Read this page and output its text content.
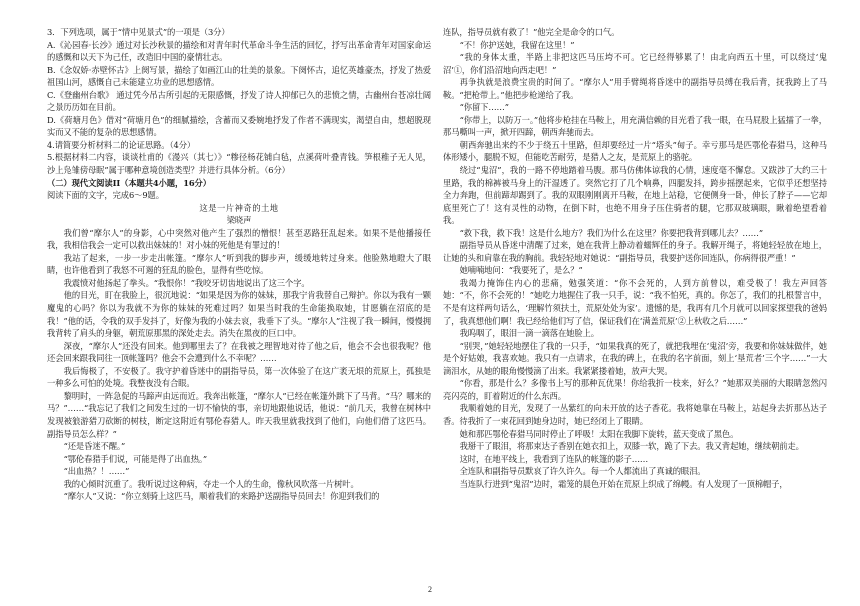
3．下列选项，属于“情中见景式”的一项是（3分）

A.《沁园春·长沙》通过对长沙秋景的描绘和对青年时代革命斗争生活的回忆，抒写出革命青年对国家命运的感慨和以天下为己任，改造旧中国的豪情壮志。

B.《念奴娇·赤壁怀古》上阕写景，描绘了如画江山的壮美的景象。下阕怀古，追忆英雄豪杰，抒发了热爱祖国山河，感慨自己未能建立功业的思想感情。

C.《登幽州台歌》 通过凭今吊古所引起的无限感慨，抒发了诗人抑郁已久的悲愤之情，古幽州台苍凉壮阔之景历历如在目前。

D.《荷塘月色》借对“荷塘月色”的细腻描绘，含蓄而又委婉地抒发了作者不满现实，渴望自由，想超脱现实而又不能的复杂的思想感情。

4.请简要分析材料二的论证思路。（4分）

5.根据材料二内容，谈谈杜甫的《漫兴（其七）》“糁径杨花铺白毡，点溪荷叶叠青钱。笋根稚子无人见，沙上凫雏傍母眠”属于哪种意境创造类型？并进行具体分析。（6分）

（二）现代文阅读II（本题共4小题，16分）

阅读下面的文字，完成6～9题。

这是一片神奇的土地

梁晓声

我们曾“摩尔人”的身影，心中突然对他产生了强烈的憎恨！甚至恶路狂乱起来。如果不是他播接任我，我相信我会一定可以救出妹妹的！对小妹的死他是有罪过的！

我站了起来，一步一步走出帐篷。“摩尔人”听到我的脚步声，缓缓地转过身来。他脸熟地瞪大了眼睛，也许他看到了我怒不可遏的狂乱的脸色，显得有些吃惊。

我震愤对他扬起了拳头。“我恨你！”我咬牙切齿地说出了这三个字。

他的目光，盯在我脸上，很沉地说：“如果是因为你的妹妹，那我宁肯我替自己辩护。你以为我有一颗魔鬼的心吗？你以为我就不为你的妹妹的死难过吗？如果当时我的生命能换取她，甘愿躺在沼底的是我！”他的话，令我的双手发抖了，好像为我的小妹去哀，我垂下了头。“摩尔人”注视了我一瞬间，慢慢拥我背转了肩头的身躯，朝荒原那黑的深处走去。消失在黑夜的巨口中。

深夜，“摩尔人”还没有回来。他到哪里去了？在我被之理智地对待了他之后，他会不会也很我呢？他还会回来跟我同往一顶帐篷吗？他会不会遭到什么不幸呢？……

我后悔极了，不安极了。我守护着昏迷中的副指导员，第一次体验了在这广袤无垠的荒原上，孤独是一种多么可怕的处境。我整夜没有合眼。

黎明时，一阵急促的马蹄声由远而近。我奔出帐篷，“摩尔人”已经在帐篷外跳下了马背。“马？哪来的马？”……“我忘记了我们之间发生过的一切不愉快的事，亲切地跟他说话，他说：“前几天，我曾在树林中发现被狼游猎刀砍断的树枝，断定这附近有鄂伦春猎人。昨天我里就我找到了他们，向他们借了这匹马。副指导员怎么样？”

“还是昏迷不醒。”

“鄂伦春猎手们说，可能是得了出血热。”

“出血热？！……”

我的心倾时沉重了。我听说过这种病，夺走一个人的生命，像秋风吹落一片树叶。

“摩尔人”又说：“你立刻骑上这匹马，顺着我们的来路护送副指导员回去！你迎到我们的

连队，指导员就有救了！”他完全是命令的口气。

“不！你护送她，我留在这里！”

“我的身体太重，半路上非把这匹马压垮不可。它已经得够累了！由北向西五十里，可以绕过‘鬼沼’①，你们沿沼地向西走吧！”

再争执就是浪费宝贵的时间了。“摩尔人”用手臂绳将昏迷中的副指导员缚在我后背，抚我跨上了马鞍。“把枪带上。”他把步枪递给了我。

“你留下……”

“你带上，以防万一。”他将步枪挂在马鞍上，用充满信赖的目光看了我一眼，在马屁股上猛擂了一拳，那马嘶叫一声，掀开四蹄，朝西奔驰而去。

朝西奔驰出来约不少于绕五十里路，但却要经过一片“塔头”甸子。幸亏那马是匹鄂伦春猎马，这种马体形矮小，腿脱不短，但能吃苦耐劳，是猎人之友，是荒原上的骆驼。

绕过“鬼沼”，我的一路不停地踏着马腹。那马仿佛体谅我的心情，速度毫不懈怠。又跋涉了大约三十里路，我的棉裤被马身上的汗湿透了。突然它打了几个响鼻，四腿发抖，跨步摇摆起来，它似乎还想坚持全力奔跑，但前蹄却踢到了。我的双眼刚刚离开马鞍，在地上站稳，它便侧身一卧，伸长了脖子——它却底里死亡了！这有灵性的动物，在倒下时，也绝不用身子压住骑者的腿，它那双玻璃眼，瞅着绝望看着我。

“救下我，救下我！这是什么地方？我们为什么在这里？你要把我背到哪儿去？……”

副指导员从昏迷中清醒了过来，她在我背上静动着蠕辉任的身子。我解开绳子，将她轻轻放在地上，让她的头和肩靠在我的胸前。我轻轻地对她说：“副指导员，我要护送你回连队，你病得很严重！”

她喃喃地问：“我要死了，是么？”

我竭力掩饰住内心的悲痛，勉强笑道：“你不会死的，人到方前曾以，难受极了！我左声回答她：“不，你不会死的！”她吃力地握住了我一只手，说：“我不怕死，真的。你怎了，我们的扎根誓言中，不是有这样两句话么，‘理解竹须扶土，荒原处处为家’。遗憾的是，我再有几个月就可以回家探望我的爸妈了，我真想他们啊！我已经给他们写了信，保证我们在‘满盖荒原’②上秋收之后……”

我呜咽了，眼泪一滴一滴落在她脸上。

“别哭，”她轻轻地摆住了我的一只手，“如果我真的死了，就把我埋在‘鬼沼’旁，我要和你妹妹做伴，她是个好姑娘，我喜欢她。我只有一点请求，在我的碑上，在我的名字前面，刻上‘垦荒者’三个字……”一大滴泪水，从她的眼角慢慢滴了出来。我紧紧搂着她，放声大哭。

“你看，那是什么？多像书上写的那种瓦优果！你给我折一枝来，好么？”她那双美丽的大眼睛忽然闪亮闪亮的，盯着附近的什么东西。

我顺着她的目光，发现了一丛紫红的向未开放的达子香花。我将她靠在马鞍上，站起身去折那丛达子香。待我折了一束花回到她身边时，她已经闭上了眼睛。

她和那匹鄂伦春猎马同时停止了呼吸！太阳在我脚下旋转，蓝天变成了黑色。

我掰干了眼泪，将那束达子香别在她衣扣上，双膝一软，跪了下去。我又背起她，继续朝前走。

这时，在地平线上，我看到了连队的帐篷的影子……

全连队和副指导员默哀了许久许久。每一个人都流出了真诚的眼泪。

当连队行进到“鬼沼”边时，霜笼的晨色开始在荒原上织成了绵幔。有人发现了一顶棉帽子，

2
